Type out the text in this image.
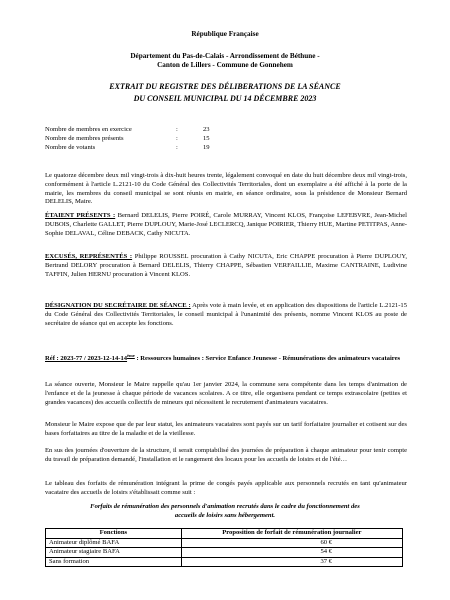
République Française
Département du Pas-de-Calais - Arrondissement de Béthune -
Canton de Lillers - Commune de Gonnehem
EXTRAIT DU REGISTRE DES DÉLIBERATIONS DE LA SÉANCE
DU CONSEIL MUNICIPAL DU 14 DÉCEMBRE 2023
Nombre de membres en exercice	:	23
Nombre de membres présents	:	15
Nombre de votants	:	19

Le quatorze décembre deux mil vingt-trois à dix-huit heures trente, légalement convoqué en date du huit décembre deux mil vingt-trois, conformément à l'article L.2121-10 du Code Général des Collectivités Territoriales, dont un exemplaire a été affiché à la porte de la mairie, les membres du conseil municipal se sont réunis en mairie, en séance ordinaire, sous la présidence de Monsieur Bernard DELELIS, Maire.

ÉTAIENT PRÉSENTS : Bernard DELELIS, Pierre POIRÉ, Carole MURRAY, Vincent KLOS, Françoise LEFEBVRE, Jean-Michel DUBOIS, Charlette GALLET, Pierre DUPLOUY, Marie-José LECLERCQ, Janique POIRIER, Thierry HUE, Martine PETITPAS, Anne-Sophie DELAVAL, Céline DEBACK, Cathy NICUTA.

EXCUSÉS, REPRÉSENTÉS : Philippe ROUSSEL procuration à Cathy NICUTA, Eric CHAPPE procuration à Pierre DUPLOUY, Bertrand DELORY procuration à Bernard DELELIS, Thierry CHAPPE, Sébastien VERFAILLIE, Maxime CANTRAINE, Ludivine TAFFIN, Julien HERNU procuration à Vincent KLOS.

DÉSIGNATION DU SECRÉTAIRE DE SÉANCE : Après vote à main levée, et en application des dispositions de l'article L.2121-15 du Code Général des Collectivités Territoriales, le conseil municipal à l'unanimité des présents, nomme Vincent KLOS au poste de secrétaire de séance qui en accepte les fonctions.

Réf : 2023-77 / 2023-12-14-14ème : Ressources humaines : Service Enfance Jeunesse - Rémunérations des animateurs vacataires

La séance ouverte, Monsieur le Maire rappelle qu'au 1er janvier 2024, la commune sera compétente dans les temps d'animation de l'enfance et de la jeunesse à chaque période de vacances scolaires. A ce titre, elle organisera pendant ce temps extrascolaire (petites et grandes vacances) des accueils collectifs de mineurs qui nécessitent le recrutement d'animateurs vacataires.

Monsieur le Maire expose que de par leur statut, les animateurs vacataires sont payés sur un tarif forfaitaire journalier et cotisent sur des bases forfaitaires au titre de la maladie et de la vieillesse.

En sus des journées d'ouverture de la structure, il serait comptabilisé des journées de préparation à chaque animateur pour tenir compte du travail de préparation demandé, l'installation et le rangement des locaux pour les accueils de loisirs et de l'été…

Le tableau des forfaits de rémunération intégrant la prime de congés payés applicable aux personnels recrutés en tant qu'animateur vacataire des accueils de loisirs s'établissait comme suit :

Forfaits de rémunération des personnels d'animation recrutés dans le cadre du fonctionnement des
accueils de loisirs sans hébergement.
Fonctions	Proposition de forfait de rémunération journalier
Animateur diplômé BAFA	60 €
Animateur stagiaire BAFA	54 €
Sans formation	37 €
